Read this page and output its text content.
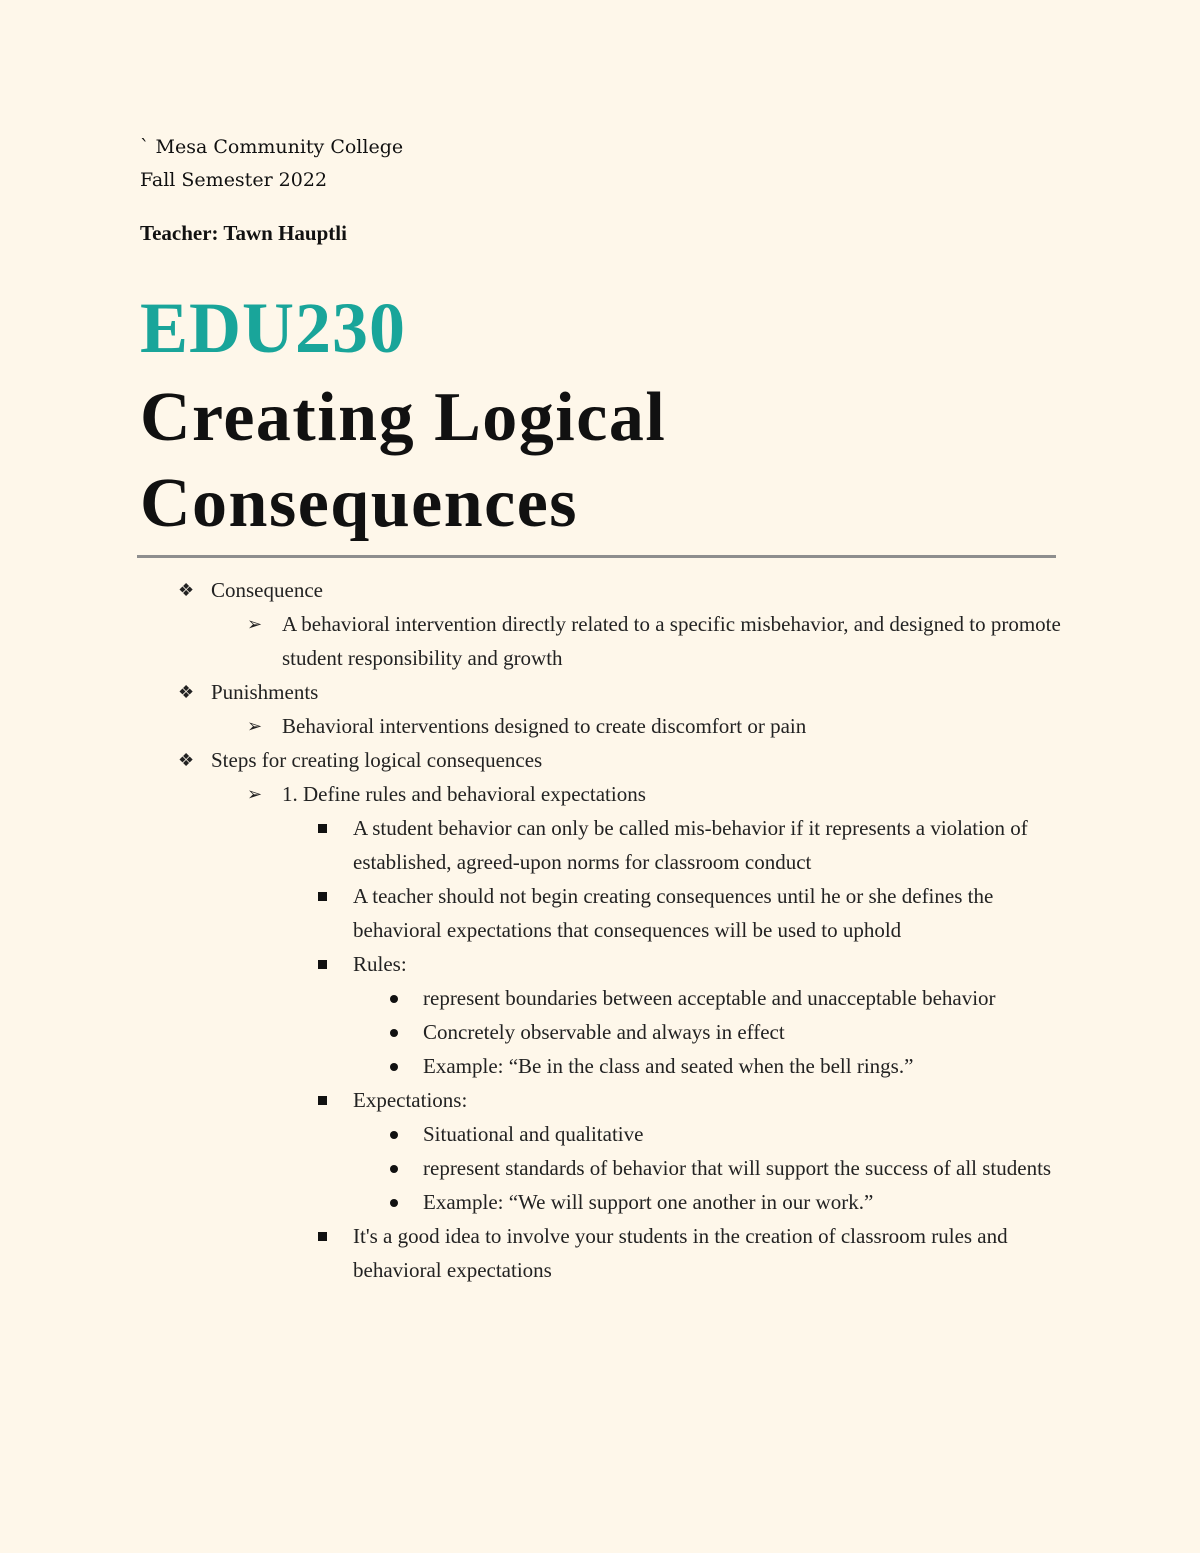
` Mesa Community College
Fall Semester 2022
Teacher: Tawn Hauptli
EDU230
Creating Logical Consequences
❖ Consequence
➢ A behavioral intervention directly related to a specific misbehavior, and designed to promote student responsibility and growth
❖ Punishments
➢ Behavioral interventions designed to create discomfort or pain
❖ Steps for creating logical consequences
➢ 1. Define rules and behavioral expectations
A student behavior can only be called mis-behavior if it represents a violation of established, agreed-upon norms for classroom conduct
A teacher should not begin creating consequences until he or she defines the behavioral expectations that consequences will be used to uphold
Rules:
represent boundaries between acceptable and unacceptable behavior
Concretely observable and always in effect
Example: “Be in the class and seated when the bell rings.”
Expectations:
Situational and qualitative
represent standards of behavior that will support the success of all students
Example: “We will support one another in our work.”
It's a good idea to involve your students in the creation of classroom rules and behavioral expectations
